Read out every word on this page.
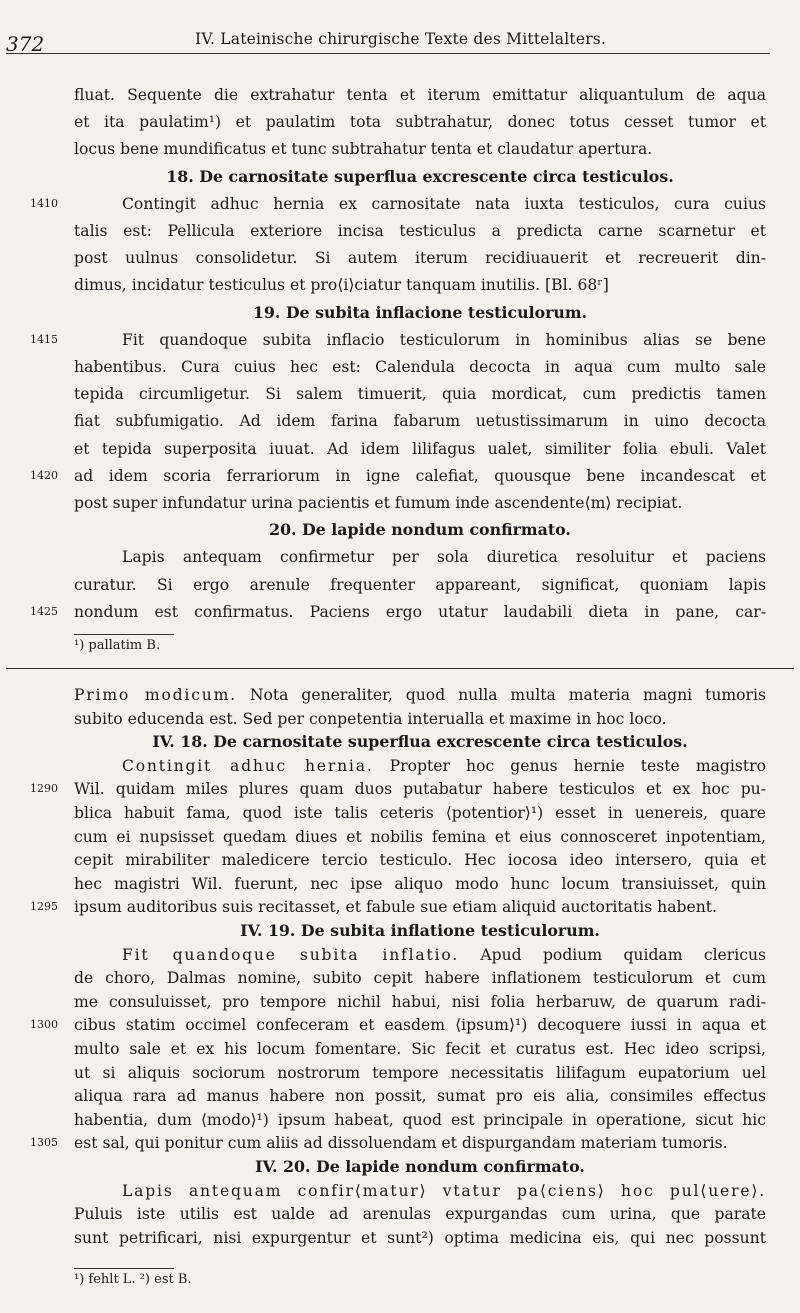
372	IV. Lateinische chirurgische Texte des Mittelalters.
fluat. Sequente die extrahatur tenta et iterum emittatur aliquantulum de aqua
et ita paulatim¹) et paulatim tota subtrahatur, donec totus cesset tumor et
locus bene mundificatus et tunc subtrahatur tenta et claudatur apertura.
18. De carnositate superflua excrescente circa testiculos.
1410	Contingit adhuc hernia ex carnositate nata iuxta testiculos, cura cuius
talis est: Pellicula exteriore incisa testiculus a predicta carne scarnetur et
post uulnus consolidetur. Si autem iterum recidiuauerit et recreuerit din-
dimus, incidatur testiculus et pro⟨i⟩ciatur tanquam inutilis. [Bl. 68ʳ]
19. De subita inflacione testiculorum.
1415	Fit quandoque subita inflacio testiculorum in hominibus alias se bene
habentibus. Cura cuius hec est: Calendula decocta in aqua cum multo sale
tepida circumligetur. Si salem timuerit, quia mordicat, cum predictis tamen
fiat subfumigatio. Ad idem farina fabarum uetustissimarum in uino decocta
et tepida superposita iuuat. Ad idem lilifagus ualet, similiter folia ebuli. Valet
1420	ad idem scoria ferrariorum in igne calefiat, quousque bene incandescat et
post super infundatur urina pacientis et fumum inde ascendente⟨m⟩ recipiat.
20. De lapide nondum confirmato.
Lapis antequam confirmetur per sola diuretica resoluitur et paciens
curatur. Si ergo arenule frequenter appareant, significat, quoniam lapis
1425	nondum est confirmatus. Paciens ergo utatur laudabili dieta in pane, car-
¹) pallatim B.
Primo modicum. Nota generaliter, quod nulla multa materia magni tumoris
subito educenda est. Sed per conpetentia interualla et maxime in hoc loco.
IV. 18. De carnositate superflua excrescente circa testiculos.
Contingit adhuc hernia. Propter hoc genus hernie teste magistro
1290	Wil. quidam miles plures quam duos putabatur habere testiculos et ex hoc pu-
blica habuit fama, quod iste talis ceteris ⟨potentior⟩¹) esset in uenereis, quare
cum ei nupsisset quedam diues et nobilis femina et eius connosceret inpotentiam,
cepit mirabiliter maledicere tercio testiculo. Hec iocosa ideo intersero, quia et
hec magistri Wil. fuerunt, nec ipse aliquo modo hunc locum transiuisset, quin
1295	ipsum auditoribus suis recitasset, et fabule sue etiam aliquid auctoritatis habent.
IV. 19. De subita inflatione testiculorum.
Fit quandoque subita inflatio. Apud podium quidam clericus
de choro, Dalmas nomine, subito cepit habere inflationem testiculorum et cum
me consuluisset, pro tempore nichil habui, nisi folia herbaruw, de quarum radi-
1300	cibus statim occimel confeceram et easdem ⟨ipsum⟩¹) decoquere iussi in aqua et
multo sale et ex his locum fomentare. Sic fecit et curatus est. Hec ideo scripsi,
ut si aliquis sociorum nostrorum tempore necessitatis lilifagum eupatorium uel
aliqua rara ad manus habere non possit, sumat pro eis alia, consimiles effectus
habentia, dum ⟨modo⟩¹) ipsum habeat, quod est principale in operatione, sicut hic
1305	est sal, qui ponitur cum aliis ad dissoluendam et dispurgandam materiam tumoris.
IV. 20. De lapide nondum confirmato.
Lapis antequam confir⟨matur⟩ vtatur pa⟨ciens⟩ hoc pul⟨uere⟩.
Puluis iste utilis est ualde ad arenulas expurgandas cum urina, que parate
sunt petrificari, nisi expurgentur et sunt²) optima medicina eis, qui nec possunt
¹) fehlt L. ²) est B.
